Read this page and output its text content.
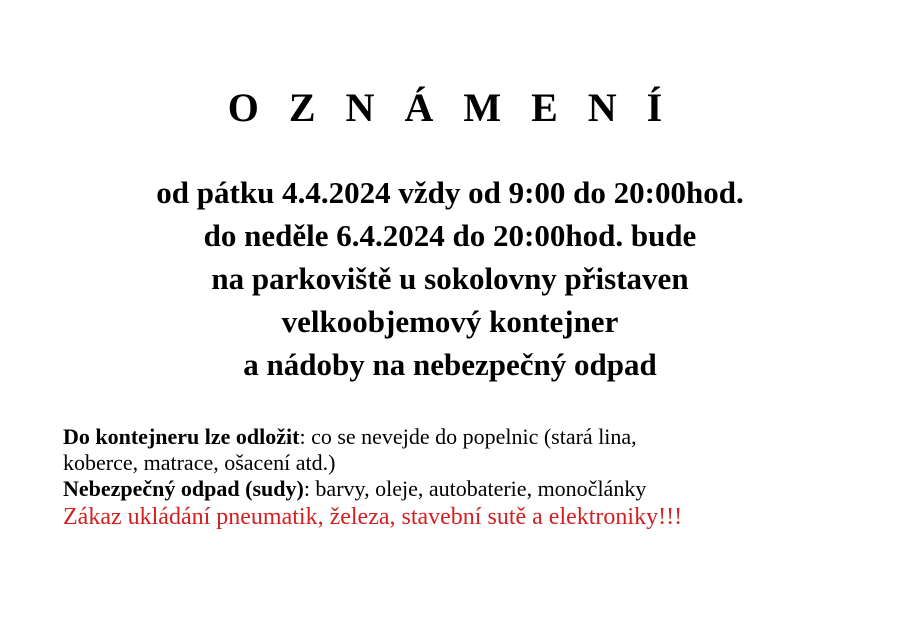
O Z N Á M E N Í
od pátku 4.4.2024 vždy od 9:00 do 20:00hod.
do neděle 6.4.2024 do 20:00hod. bude
na parkoviště u sokolovny přistaven
velkoobjemový kontejner
a nádoby na nebezpečný odpad
Do kontejneru lze odložit: co se nevejde do popelnic (stará lina,
koberce, matrace, ošacení atd.)
Nebezpečný odpad (sudy): barvy, oleje, autobaterie, monočlánky
Zákaz ukládání pneumatik, železa, stavební sutě a elektroniky!!!
